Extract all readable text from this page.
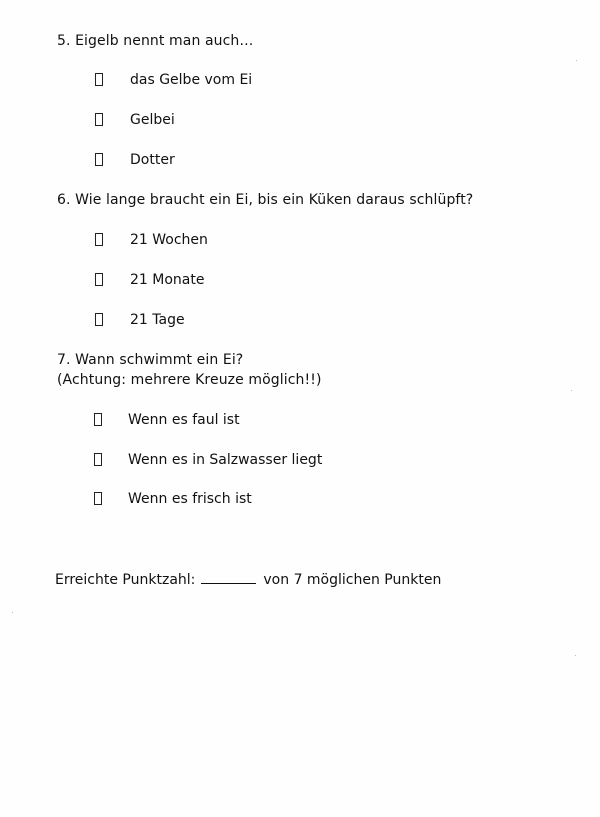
5. Eigelb nennt man auch…
das Gelbe vom Ei
Gelbei
Dotter
6. Wie lange braucht ein Ei, bis ein Küken daraus schlüpft?
21 Wochen
21 Monate
21 Tage
7. Wann schwimmt ein Ei?
(Achtung: mehrere Kreuze möglich!!)
Wenn es faul ist
Wenn es in Salzwasser liegt
Wenn es frisch ist
Erreichte Punktzahl:	von 7 möglichen Punkten
